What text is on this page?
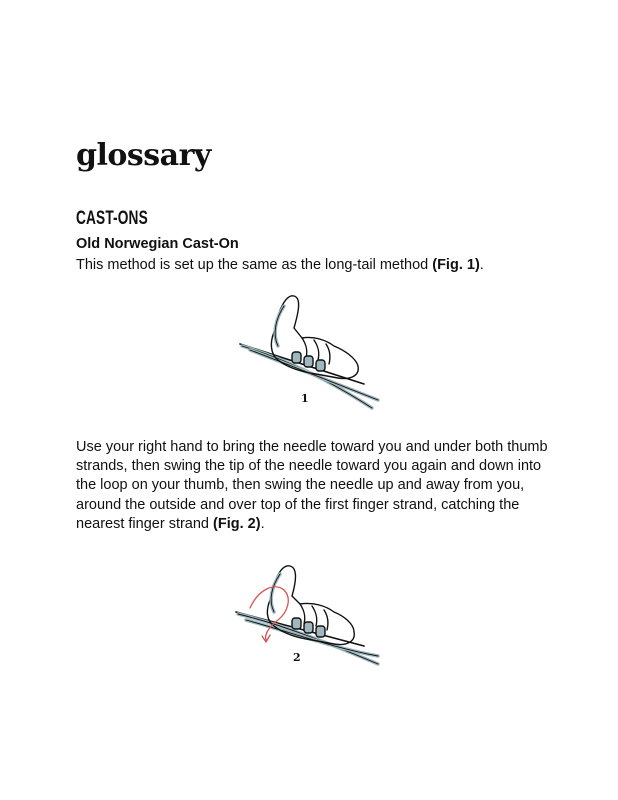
glossary
CAST-ONS
Old Norwegian Cast-On
This method is set up the same as the long-tail method (Fig. 1).
1
Use your right hand to bring the needle toward you and under both thumb strands, then swing the tip of the needle toward you again and down into the loop on your thumb, then swing the needle up and away from you, around the outside and over top of the first finger strand, catching the nearest finger strand (Fig. 2).
2
